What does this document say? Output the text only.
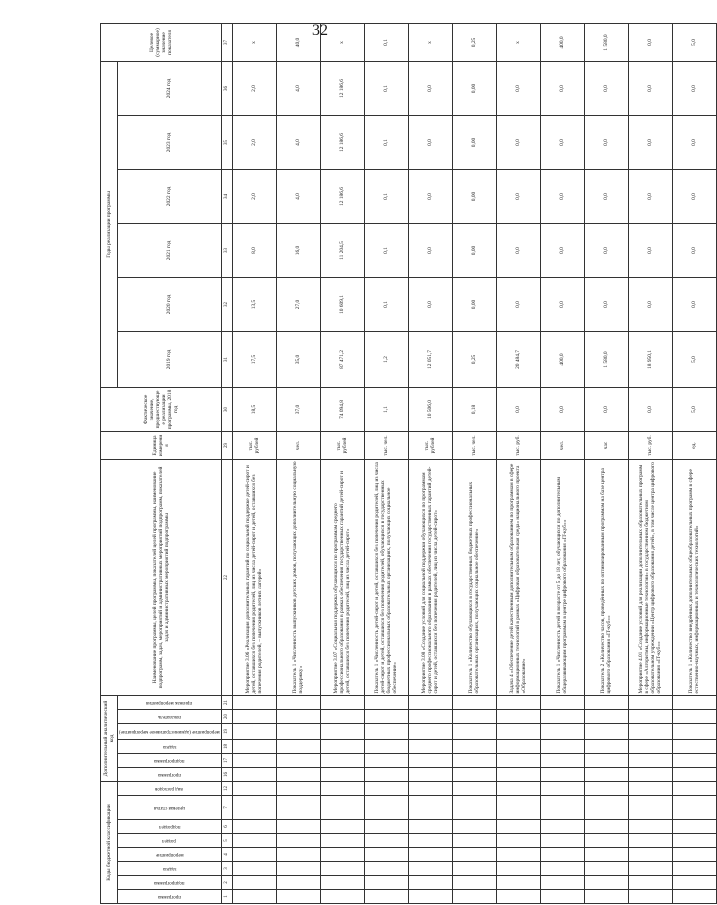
32
Коды бюджетной классификации								Дополнительный аналитический код						Наименование программы, целей программы, показателей целей программы, наименование подпрограмм, задач, мероприятий и административных мероприятий подпрограмм, показателей задач и административных мероприятий подпрограммы	Единица измерения	Фактическое значение, предшествующее реализации программы, 2018 год	Годы реализации программы						Целевое (суммарное) значение показателя

программа	подпрограмма	задача	мероприятие	раздел	подраздел	целевая статья	вид расходов	программа	подпрограмма	задача	мероприятие (административное мероприятие)	показатель	признак мероприятия				2019 год	2020 год	2021 год	2022 год	2023 год	2024 год	
1	2	3	4	5	6	7	12	16	17	18	19	20	21	22	29	30	31	32	33	34	35	36	37
														Мероприятие 3.06 «Реализация дополнительных гарантий по социальной поддержке детей-сирот и детей, оставшихся без попечения родителей, лиц из числа детей-сирот и детей, оставшихся без попечения родителей, – выпускников летних лагерей»	тыс. рублей	18,5	17,5	13,5	8,0	2,0	2,0	2,0	х
														Показатель 1 «Численность выпускников детских домов, получающих дополнительную социальную поддержку»	чел.	37,0	35,0	27,0	16,0	4,0	4,0	4,0	40,0
														Мероприятие 3.07 «Социальная поддержка обучающихся по программам среднего профессионального образования в рамках обеспечения государственных гарантий детей-сирот и детей, оставшихся без попечения родителей, лиц из числа детей-сирот»	тыс. рублей	74 094,8	87 471,2	10 609,1	11 204,5	12 186,6	12 186,6	12 186,6	х
														Показатель 1 «Численность детей-сирот и детей, оставшихся без попечения родителей, лиц из числа детей-сирот и детей, оставшихся без попечения родителей, обучающихся в государственных бюджетных профессиональных образовательных организациях, получающих социальное обеспечение»	тыс. чел.	1,1	1,2	0,1	0,1	0,1	0,1	0,1	0,1
														Мероприятие 3.08 «Создание условий для социальной поддержки обучающихся по программам среднего профессионального образования в рамках обеспечения государственных гарантий детей-сирот и детей, оставшихся без попечения родителей, лиц из числа детей-сирот»	тыс. рублей	10 506,0	12 051,7	0,0	0,0	0,0	0,0	0,0	х
														Показатель 1 «Количество обучающихся в государственных бюджетных профессиональных образовательных организациях, получающих социальное обеспечение»	тыс. чел.	0,18	0,25	0,00	0,00	0,00	0,00	0,00	0,25
														Задача 4 «Обеспечение детей качественным дополнительным образованием по программам в сфере информационных технологий в рамках «Цифровая образовательная среда» национального проекта «Образование»	тыс. руб.	0,0	20 484,7	0,0	0,0	0,0	0,0	0,0	х
														Показатель 1 «Численность детей в возрасте от 5 до 18 лет, обучающихся по дополнительным общеразвивающим программам в центре цифрового образования «IT-куб»»	чел.	0,0	400,0	0,0	0,0	0,0	0,0	0,0	400,0
														Показатель 2 «Количество часов, проведённых по оптимизированным программам на базе центра цифрового образования «IT-куб»»	час	0,0	1 580,0	0,0	0,0	0,0	0,0	0,0	1 580,0
														Мероприятие 4.01 «Создание условий для реализации дополнительных образовательных программ в сфере «Алгоритмы, информационные технологии» в государственном бюджетном образовательном учреждении «Центр цифрового образования детей», в том числе центра цифрового образования «IT-куб»»	тыс. руб.	0,0	18 950,1	0,0	0,0	0,0	0,0	0,0	0,0
														Показатель 1 «Количество внедрённых дополнительных общеобразовательных программ в сфере естественно-научных, информационных и технологических технологий»	ед.	5,0	5,0	0,0	0,0	0,0	0,0	0,0	5,0
